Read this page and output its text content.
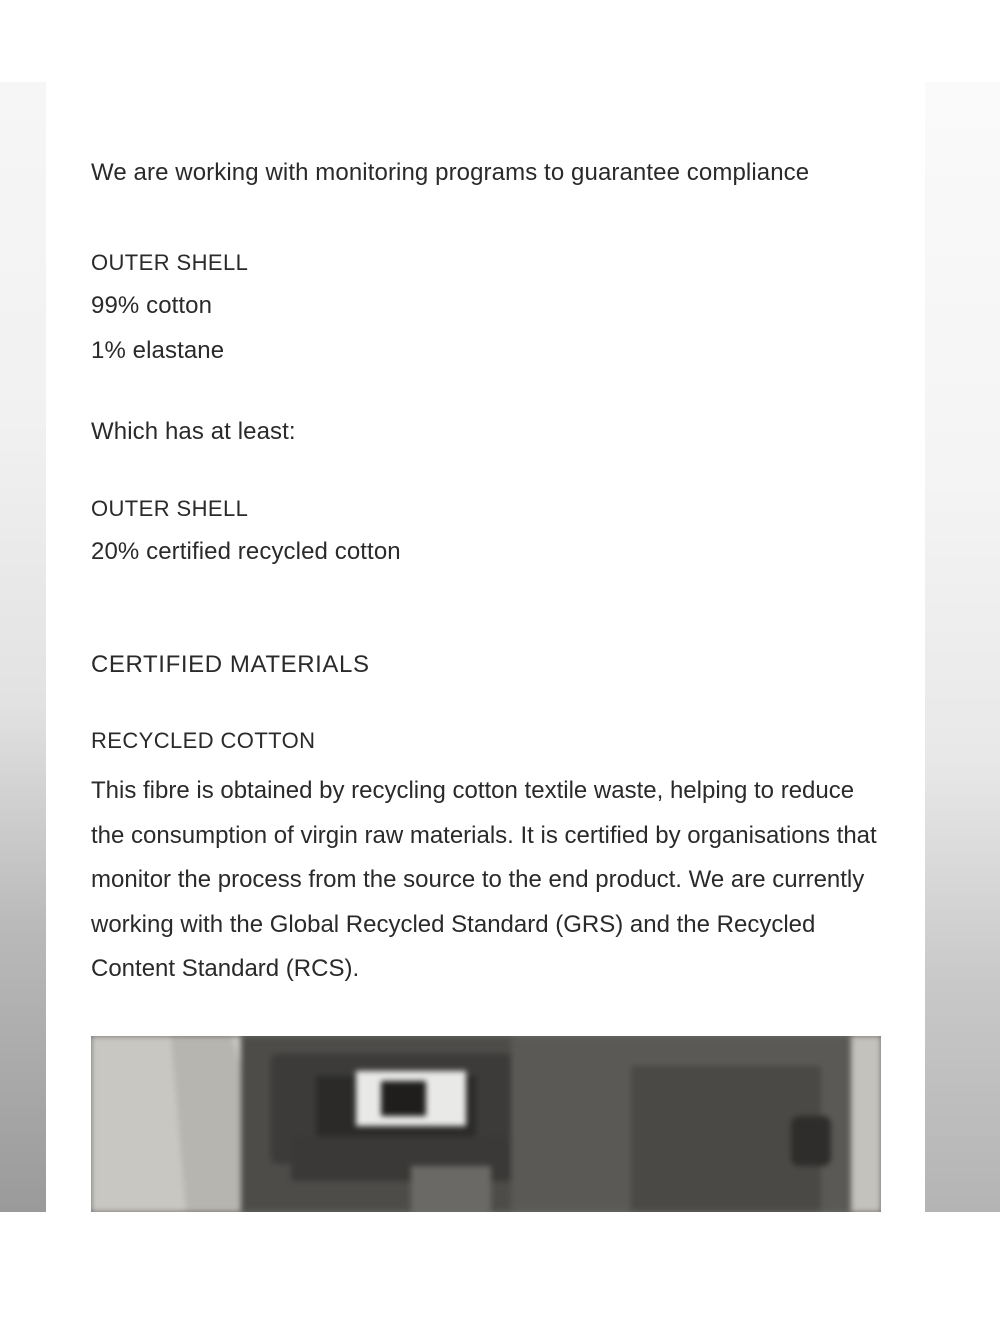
We are working with monitoring programs to guarantee compliance
OUTER SHELL
99% cotton
1% elastane
Which has at least:
OUTER SHELL
20% certified recycled cotton
CERTIFIED MATERIALS
RECYCLED COTTON
This fibre is obtained by recycling cotton textile waste, helping to reduce the consumption of virgin raw materials. It is certified by organisations that monitor the process from the source to the end product. We are currently working with the Global Recycled Standard (GRS) and the Recycled Content Standard (RCS).
